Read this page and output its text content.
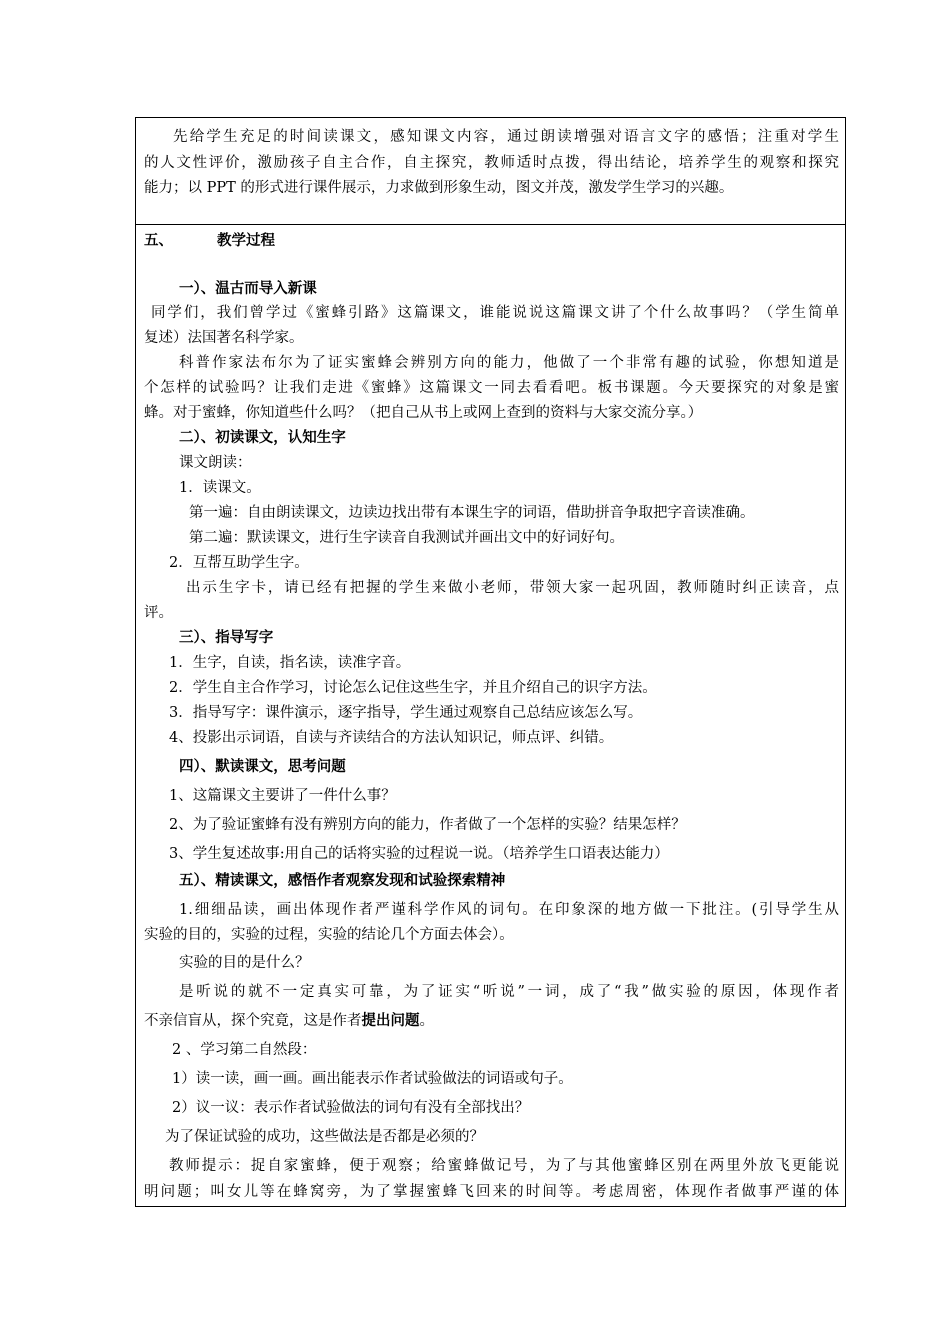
先给学生充足的时间读课文，感知课文内容，通过朗读增强对语言文字的感悟；注重对学生
的人文性评价，激励孩子自主合作，自主探究，教师适时点拨，得出结论，培养学生的观察和探究
能力；以 PPT 的形式进行课件展示，力求做到形象生动，图文并茂，激发学生学习的兴趣。
五、	教学过程
一）、温古而导入新课
同学们，我们曾学过《蜜蜂引路》这篇课文，谁能说说这篇课文讲了个什么故事吗？（学生简单
复述）法国著名科学家。
科普作家法布尔为了证实蜜蜂会辨别方向的能力，他做了一个非常有趣的试验，你想知道是
个怎样的试验吗？让我们走进《蜜蜂》这篇课文一同去看看吧。板书课题。今天要探究的对象是蜜
蜂。对于蜜蜂，你知道些什么吗？（把自己从书上或网上查到的资料与大家交流分享。）
二）、初读课文，认知生字
课文朗读：
1．读课文。
第一遍：自由朗读课文，边读边找出带有本课生字的词语，借助拼音争取把字音读准确。
第二遍：默读课文，进行生字读音自我测试并画出文中的好词好句。
2．互帮互助学生字。
出示生字卡，请已经有把握的学生来做小老师，带领大家一起巩固，教师随时纠正读音，点
评。
三）、指导写字
1．生字，自读，指名读，读准字音。
2．学生自主合作学习，讨论怎么记住这些生字，并且介绍自己的识字方法。
3．指导写字：课件演示，逐字指导，学生通过观察自己总结应该怎么写。
4、投影出示词语，自读与齐读结合的方法认知识记，师点评、纠错。
四）、默读课文，思考问题
1、这篇课文主要讲了一件什么事？
2、为了验证蜜蜂有没有辨别方向的能力，作者做了一个怎样的实验？结果怎样？
3、学生复述故事:用自己的话将实验的过程说一说。（培养学生口语表达能力）
五）、精读课文，感悟作者观察发现和试验探索精神
1.细细品读，画出体现作者严谨科学作风的词句。在印象深的地方做一下批注。(引导学生从
实验的目的，实验的过程，实验的结论几个方面去体会）。
实验的目的是什么？
是听说的就不一定真实可靠，为了证实“听说”一词，成了“我”做实验的原因，体现作者
不亲信盲从，探个究竟，这是作者提出问题。
2 、学习第二自然段：
1）读一读，画一画。画出能表示作者试验做法的词语或句子。
2）议一议：表示作者试验做法的词句有没有全部找出？
为了保证试验的成功，这些做法是否都是必须的？
教师提示：捉自家蜜蜂，便于观察；给蜜蜂做记号，为了与其他蜜蜂区别在两里外放飞更能说
明问题；叫女儿等在蜂窝旁，为了掌握蜜蜂飞回来的时间等。考虑周密，体现作者做事严谨的体
